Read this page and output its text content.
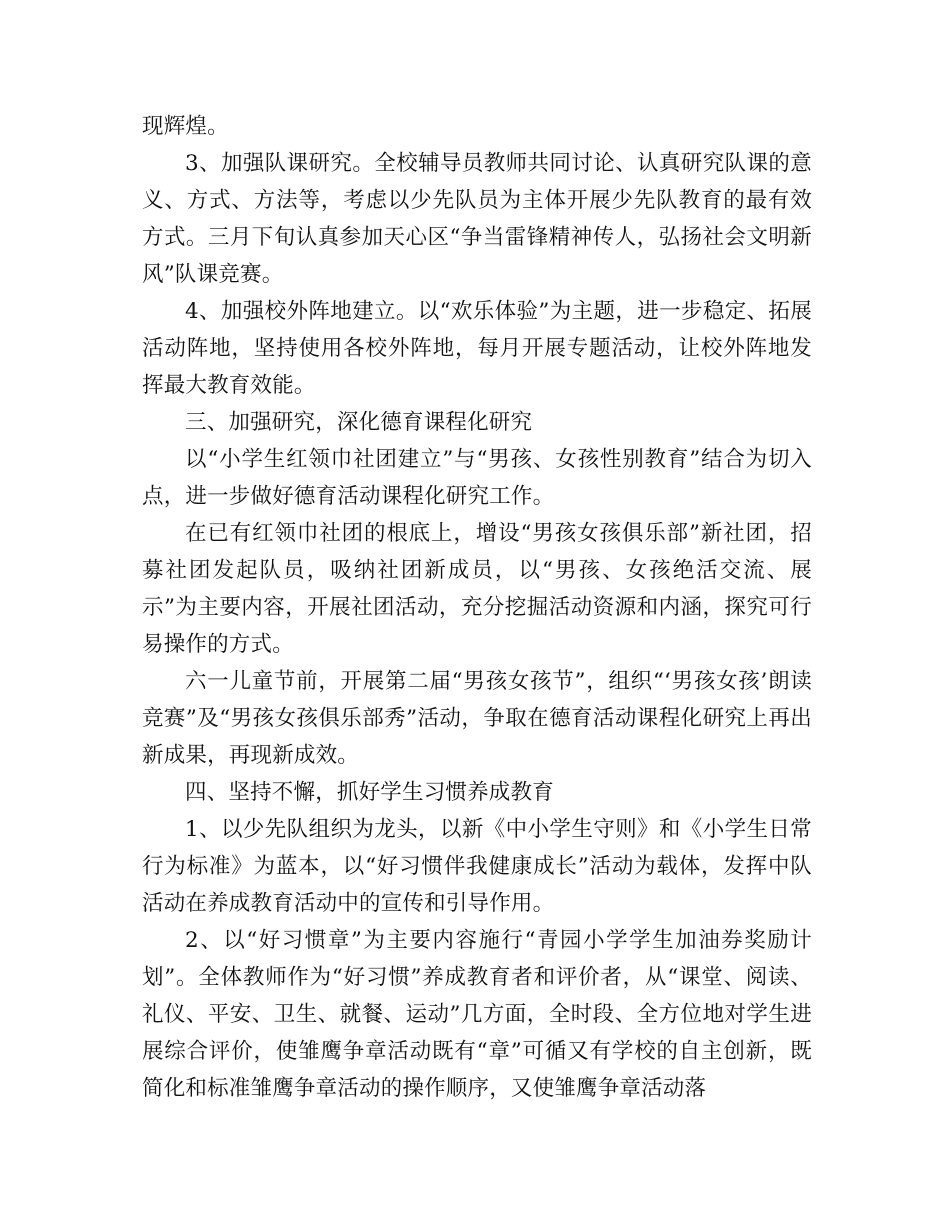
现辉煌。

3、加强队课研究。全校辅导员教师共同讨论、认真研究队课的意义、方式、方法等，考虑以少先队员为主体开展少先队教育的最有效方式。三月下旬认真参加天心区“争当雷锋精神传人，弘扬社会文明新风”队课竞赛。

4、加强校外阵地建立。以“欢乐体验”为主题，进一步稳定、拓展活动阵地，坚持使用各校外阵地，每月开展专题活动，让校外阵地发挥最大教育效能。

三、加强研究，深化德育课程化研究

以“小学生红领巾社团建立”与“男孩、女孩性别教育”结合为切入点，进一步做好德育活动课程化研究工作。

在已有红领巾社团的根底上，增设“男孩女孩俱乐部”新社团，招募社团发起队员，吸纳社团新成员，以“男孩、女孩绝活交流、展示”为主要内容，开展社团活动，充分挖掘活动资源和内涵，探究可行易操作的方式。

六一儿童节前，开展第二届“男孩女孩节”，组织“‘男孩女孩’朗读竞赛”及“男孩女孩俱乐部秀”活动，争取在德育活动课程化研究上再出新成果，再现新成效。

四、坚持不懈，抓好学生习惯养成教育

1、以少先队组织为龙头，以新《中小学生守则》和《小学生日常行为标准》为蓝本，以“好习惯伴我健康成长”活动为载体，发挥中队活动在养成教育活动中的宣传和引导作用。

2、以“好习惯章”为主要内容施行“青园小学学生加油券奖励计划”。全体教师作为“好习惯”养成教育者和评价者，从“课堂、阅读、礼仪、平安、卫生、就餐、运动”几方面，全时段、全方位地对学生进展综合评价，使雏鹰争章活动既有“章”可循又有学校的自主创新，既简化和标准雏鹰争章活动的操作顺序，又使雏鹰争章活动落
